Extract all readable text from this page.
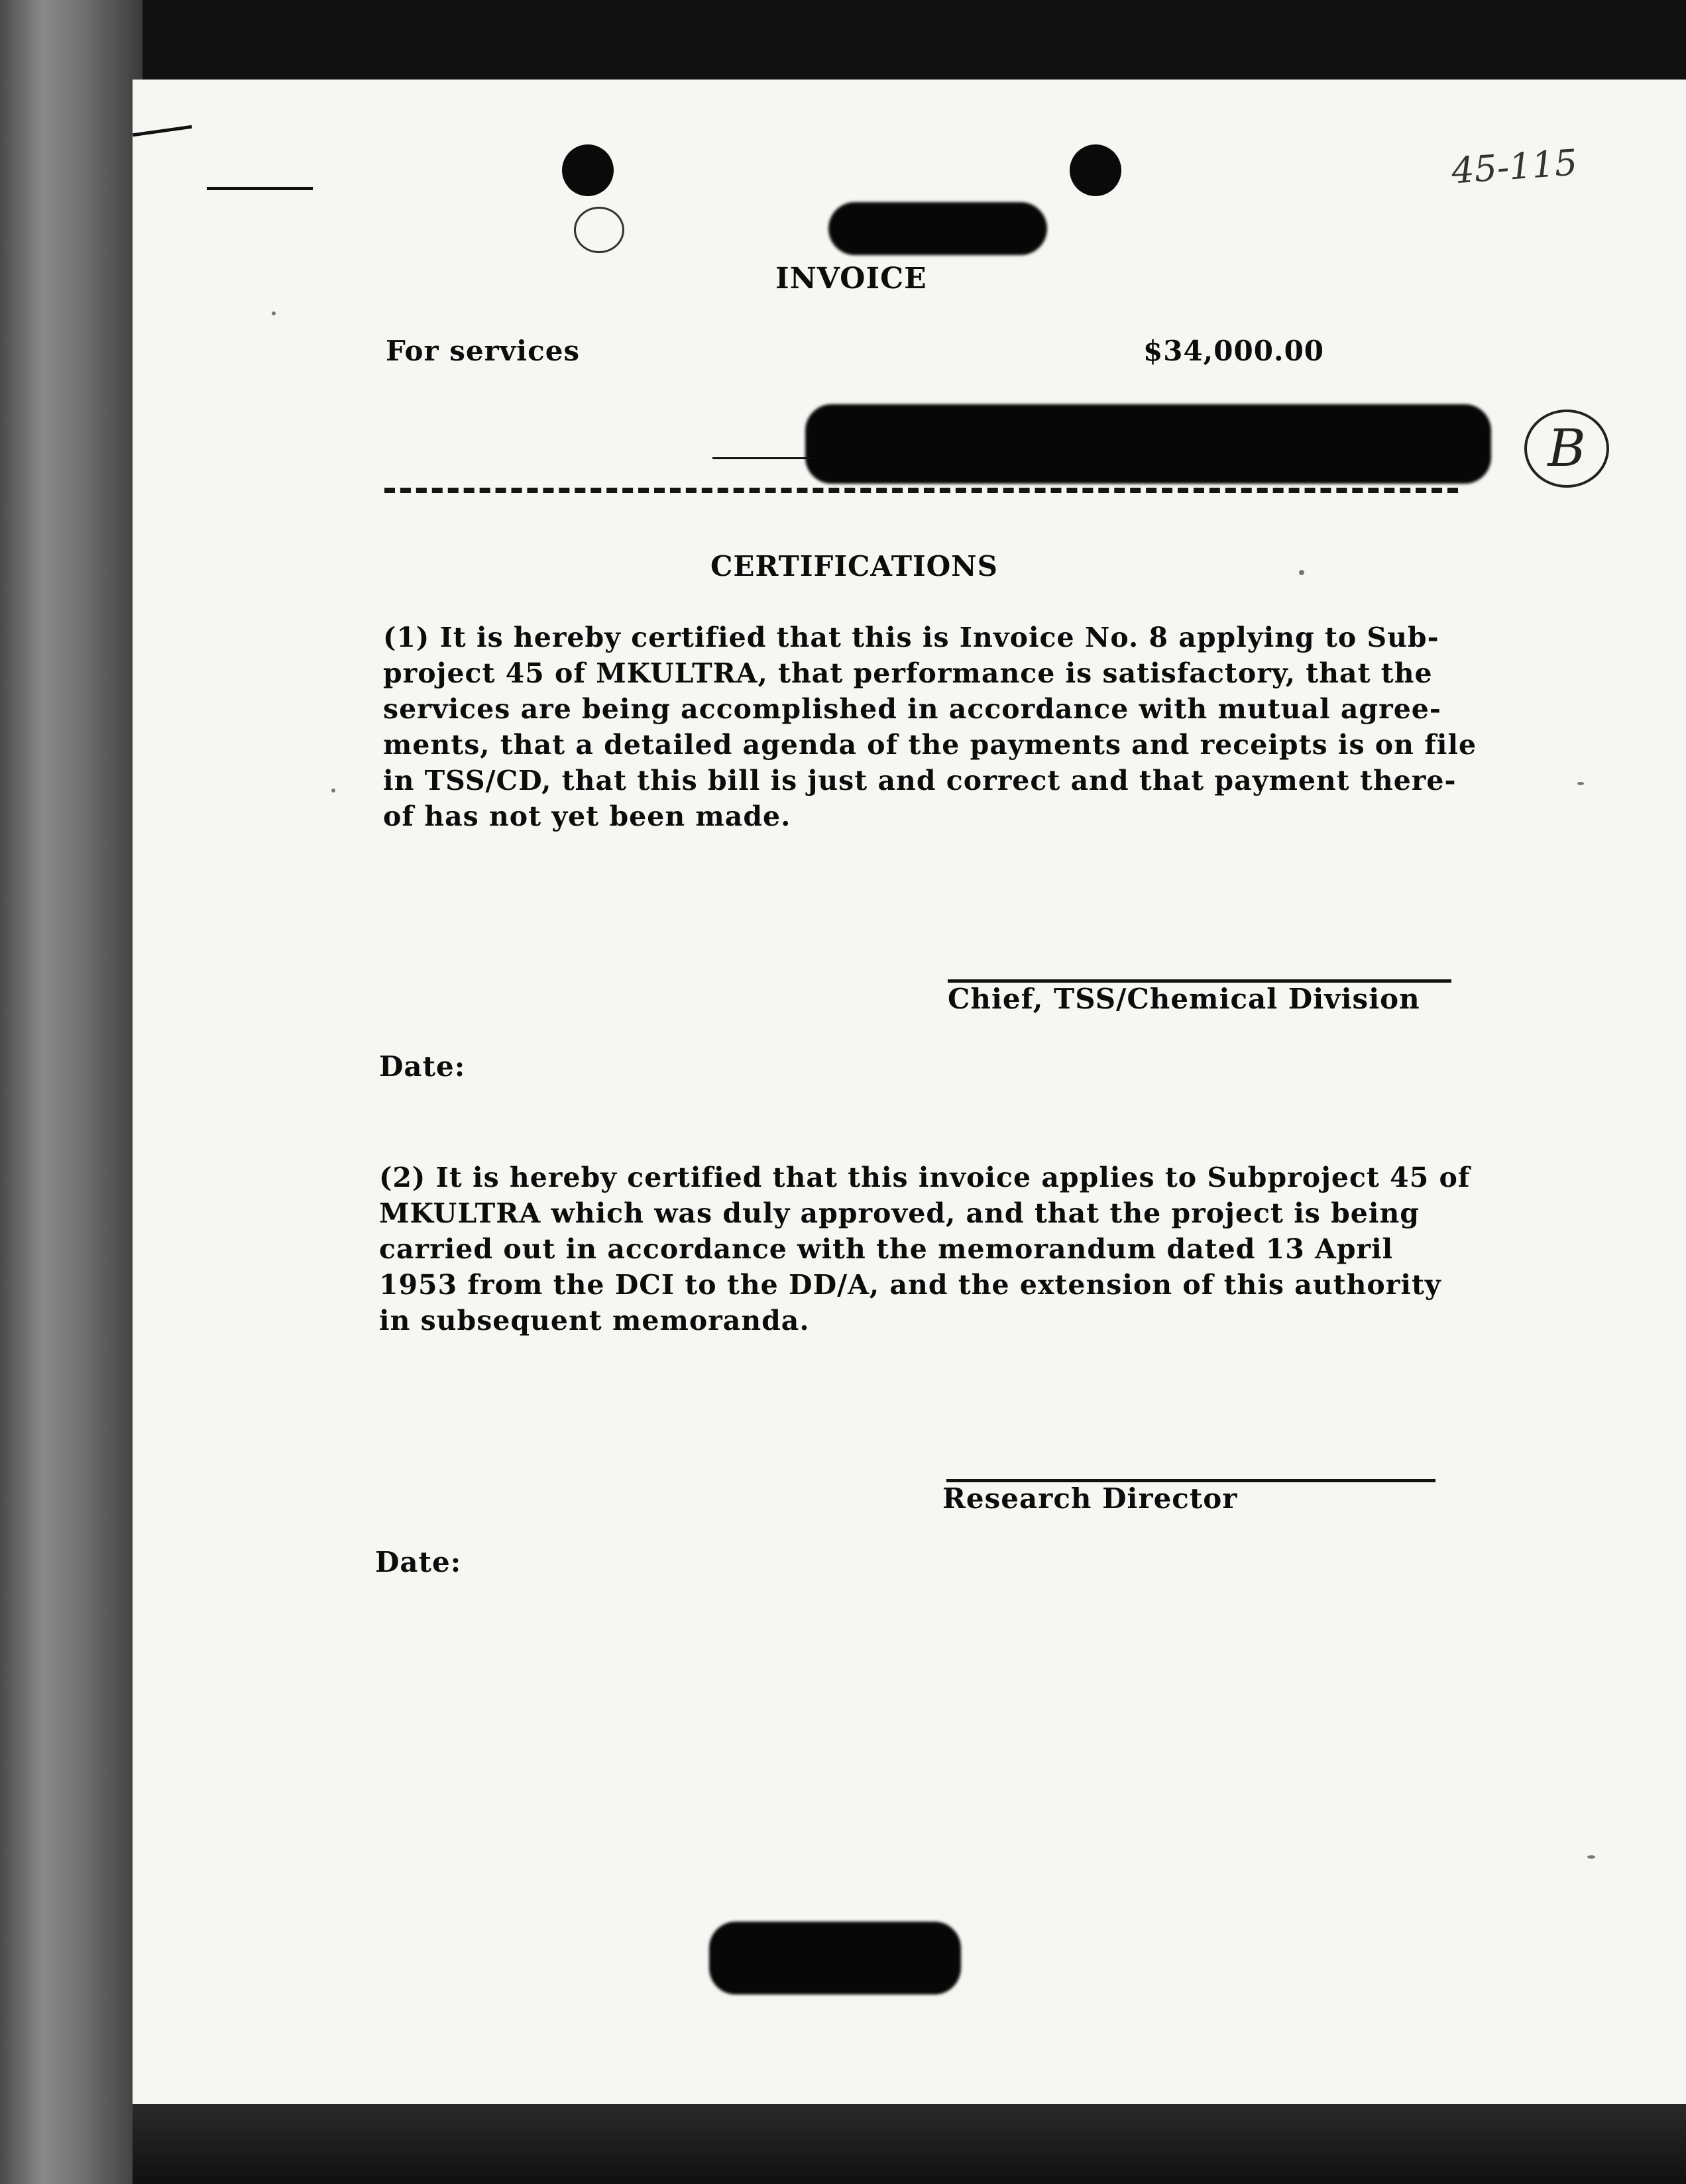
45-115
B
INVOICE
For services	$34,000.00
CERTIFICATIONS
(1) It is hereby certified that this is Invoice No. 8 applying to Sub-project 45 of MKULTRA, that performance is satisfactory, that the services are being accomplished in accordance with mutual agree-ments, that a detailed agenda of the payments and receipts is on file in TSS/CD, that this bill is just and correct and that payment there-of has not yet been made.
Chief, TSS/Chemical Division
Date:
(2) It is hereby certified that this invoice applies to Subproject 45 of MKULTRA which was duly approved, and that the project is being carried out in accordance with the memorandum dated 13 April 1953 from the DCI to the DD/A, and the extension of this authority in subsequent memoranda.
Research Director
Date:
